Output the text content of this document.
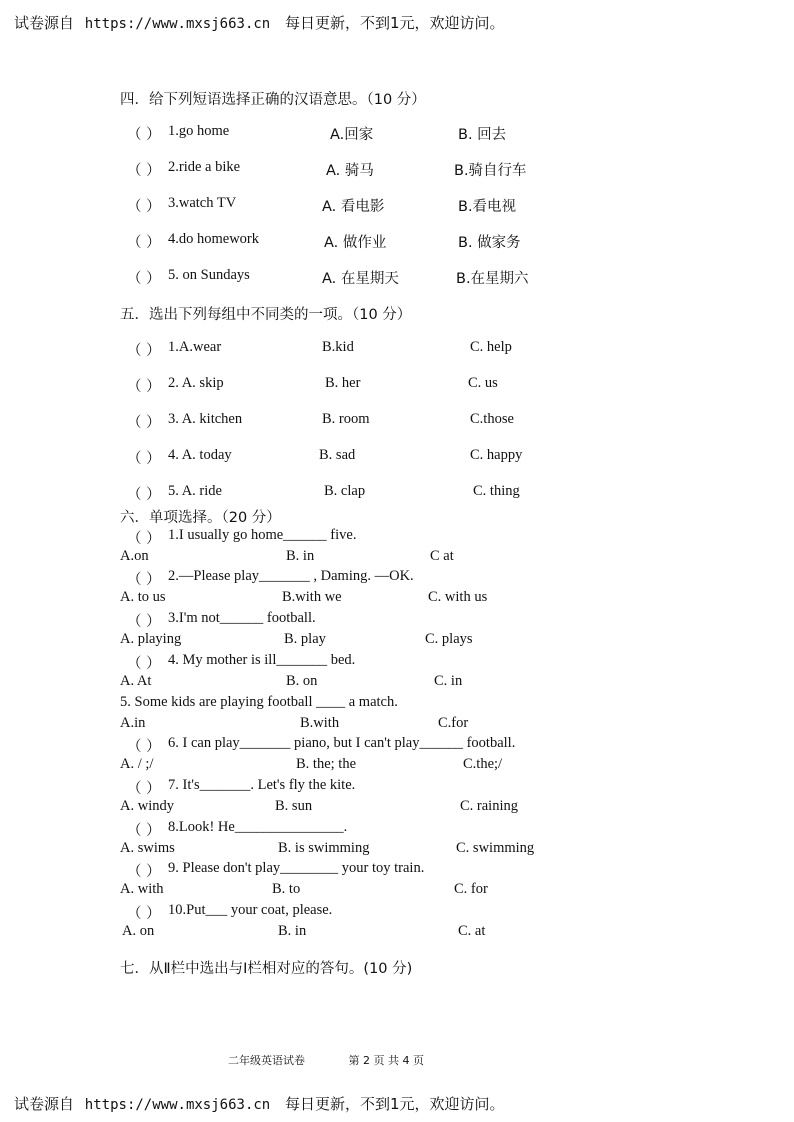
试卷源自 https://www.mxsj663.cn 每日更新，不到1元，欢迎访问。
四．给下列短语选择正确的汉语意思。（10 分）
（ ） 1.go home	A.回家	B. 回去
（ ） 2.ride a bike	A. 骑马	B.骑自行车
（ ） 3.watch TV	A. 看电影	B.看电视
（ ） 4.do homework	A. 做作业	B. 做家务
（ ） 5. on Sundays	A. 在星期天	B.在星期六
五．选出下列每组中不同类的一项。（10 分）
（ ） 1.A.wear	B.kid	C. help
（ ） 2. A. skip	B. her	C. us
（ ） 3. A. kitchen	B. room	C.those
（ ） 4. A. today	B. sad	C. happy
（ ） 5. A. ride	B. clap	C. thing
六．单项选择。（20 分）
（ ） 1.I usually go home______ five.
A.on	B. in	C at
（ ） 2.—Please play_______ , Daming. —OK.
A. to us	B.with we	C. with us
（ ） 3.I'm not______ football.
A. playing	B. play	C. plays
（ ） 4. My mother is ill_______ bed.
A. At	B. on	C. in
5. Some kids are playing football ____ a match.
A.in	B.with	C.for
（ ） 6. I can play_______ piano, but I can't play______ football.
A. / ;/	B. the; the	C.the;/
（ ） 7. It's_______. Let's fly the kite.
A. windy	B. sun	C. raining
（ ） 8.Look! He_______________.
A. swims	B. is swimming	C. swimming
（ ） 9. Please don't play________ your toy train.
A. with	B. to	C. for
（ ） 10.Put___ your coat, please.
A. on	B. in	C. at
七．从Ⅱ栏中选出与Ⅰ栏相对应的答句。(10 分)
二年级英语试卷	第 2 页 共 4 页
试卷源自 https://www.mxsj663.cn 每日更新，不到1元，欢迎访问。
